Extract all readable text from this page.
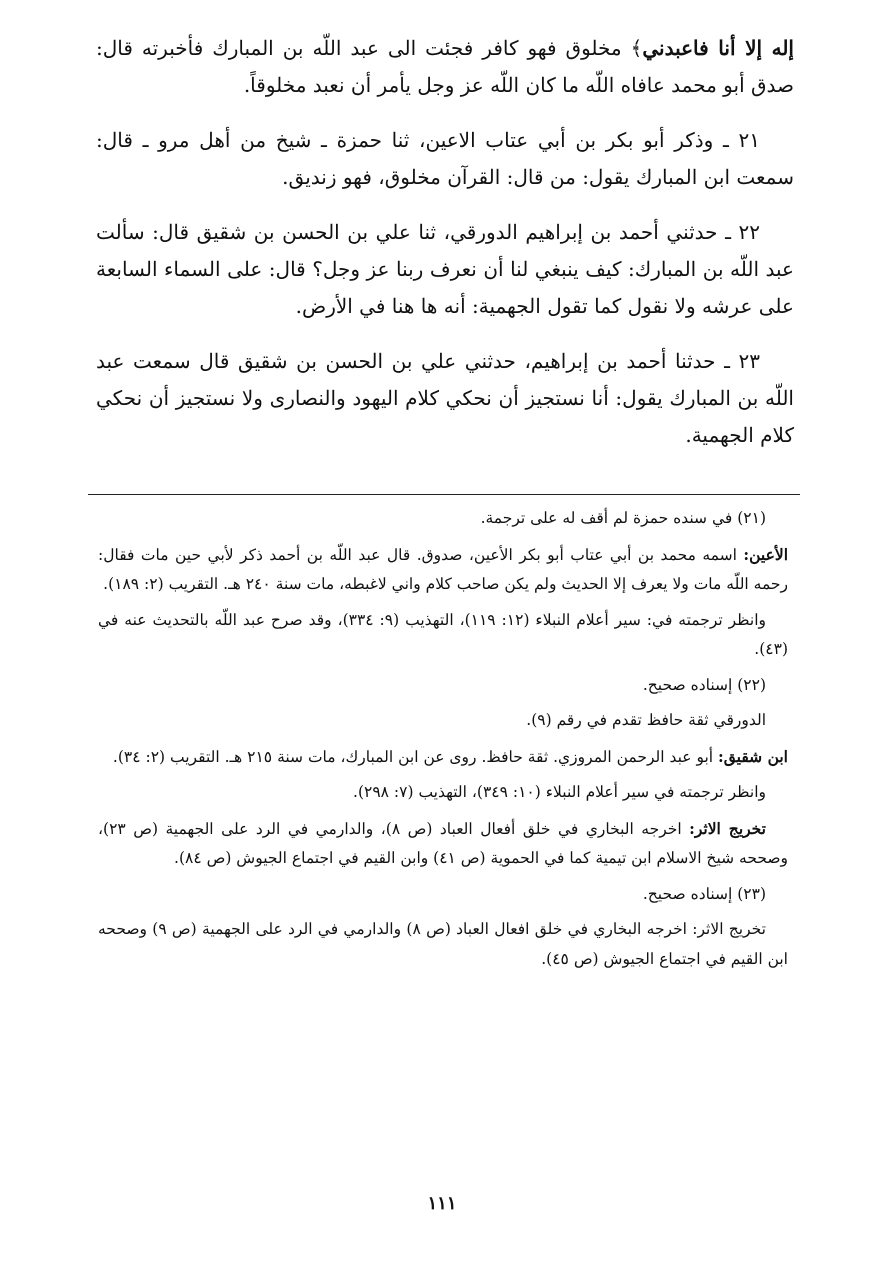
إله إلا أنا فاعبدني﴾ مخلوق فهو كافر فجئت الى عبد اللّه بن المبارك فأخبرته قال: صدق أبو محمد عافاه اللّه ما كان اللّه عز وجل يأمر أن نعبد مخلوقاً.

٢١ ـ وذكر أبو بكر بن أبي عتاب الاعين، ثنا حمزة ـ شيخ من أهل مرو ـ قال: سمعت ابن المبارك يقول: من قال: القرآن مخلوق، فهو زنديق.

٢٢ ـ حدثني أحمد بن إبراهيم الدورقي، ثنا علي بن الحسن بن شقيق قال: سألت عبد اللّه بن المبارك: كيف ينبغي لنا أن نعرف ربنا عز وجل؟ قال: على السماء السابعة على عرشه ولا نقول كما تقول الجهمية: أنه ها هنا في الأرض.

٢٣ ـ حدثنا أحمد بن إبراهيم، حدثني علي بن الحسن بن شقيق قال سمعت عبد اللّه بن المبارك يقول: أنا نستجيز أن نحكي كلام اليهود والنصارى ولا نستجيز أن نحكي كلام الجهمية.

(٢١) في سنده حمزة لم أقف له على ترجمة.

الأعين: اسمه محمد بن أبي عتاب أبو بكر الأعين، صدوق. قال عبد اللّه بن أحمد ذكر لأبي حين مات فقال: رحمه اللّه مات ولا يعرف إلا الحديث ولم يكن صاحب كلام واني لاغبطه، مات سنة ٢٤٠ هـ. التقريب (٢: ١٨٩).

وانظر ترجمته في: سير أعلام النبلاء (١٢: ١١٩)، التهذيب (٩: ٣٣٤)، وقد صرح عبد اللّه بالتحديث عنه في (٤٣).

(٢٢) إسناده صحيح.

الدورقي ثقة حافظ تقدم في رقم (٩).

ابن شقيق: أبو عبد الرحمن المروزي. ثقة حافظ. روى عن ابن المبارك، مات سنة ٢١٥ هـ. التقريب (٢: ٣٤).

وانظر ترجمته في سير أعلام النبلاء (١٠: ٣٤٩)، التهذيب (٧: ٢٩٨).

تخريج الاثر: اخرجه البخاري في خلق أفعال العباد (ص ٨)، والدارمي في الرد على الجهمية (ص ٢٣)، وصححه شيخ الاسلام ابن تيمية كما في الحموية (ص ٤١) وابن القيم في اجتماع الجيوش (ص ٨٤).

(٢٣) إسناده صحيح.

تخريج الاثر: اخرجه البخاري في خلق افعال العباد (ص ٨) والدارمي في الرد على الجهمية (ص ٩) وصححه ابن القيم في اجتماع الجيوش (ص ٤٥).

١١١
